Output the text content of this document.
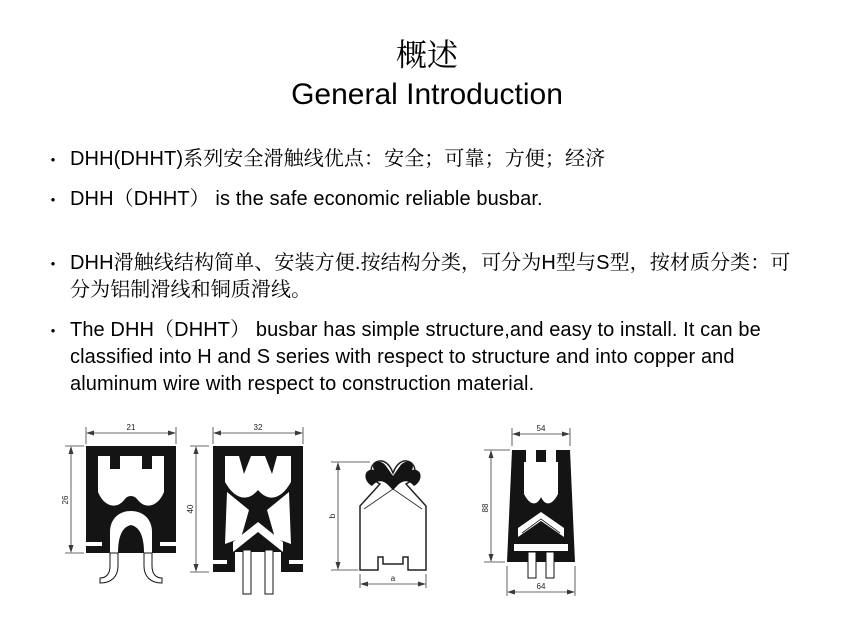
概述
General Introduction
• DHH(DHHT)系列安全滑触线优点：安全；可靠；方便；经济
• DHH（DHHT） is the safe economic reliable busbar.
• DHH滑触线结构简单、安装方便.按结构分类，可分为H型与S型，按材质分类：可分为铝制滑线和铜质滑线。
• The DHH（DHHT） busbar has simple structure,and easy to install. It can be classified into H and S series with respect to structure and into copper and aluminum wire with respect to construction material.
21
26
32
40
b
a
54
88
64
